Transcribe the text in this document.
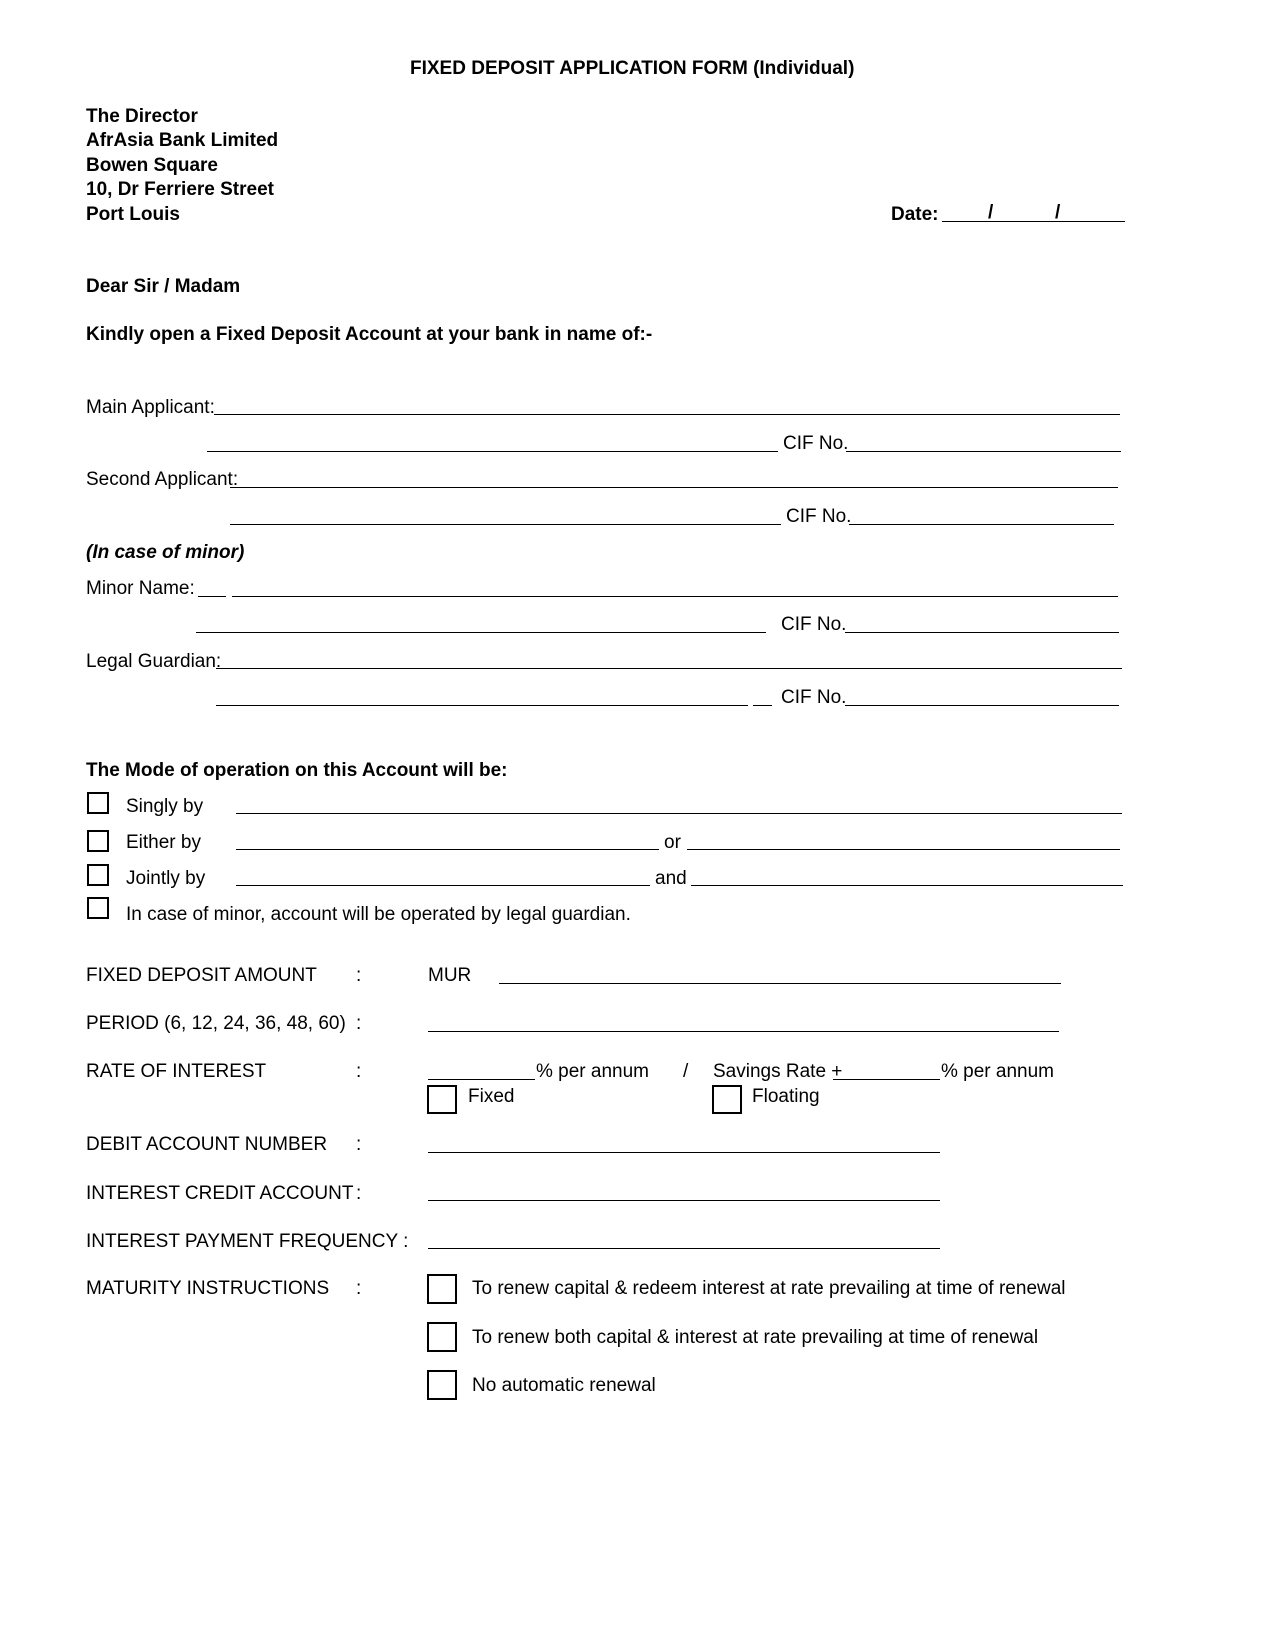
FIXED DEPOSIT APPLICATION FORM (Individual)
The Director
AfrAsia Bank Limited
Bowen Square
10, Dr Ferriere Street
Port Louis	Date:	/	/
Dear Sir / Madam
Kindly open a Fixed Deposit Account at your bank in name of:-
Main Applicant:
CIF No.
Second Applicant:
CIF No.
(In case of minor)
Minor Name:
CIF No.
Legal Guardian:
CIF No.
The Mode of operation on this Account will be:
Singly by
Either by	or
Jointly by	and
In case of minor, account will be operated by legal guardian.
FIXED DEPOSIT AMOUNT :	MUR
PERIOD (6, 12, 24, 36, 48, 60) :
RATE OF INTEREST	:	% per annum / Savings Rate +	% per annum
Fixed	Floating
DEBIT ACCOUNT NUMBER :
INTEREST CREDIT ACCOUNT :
INTEREST PAYMENT FREQUENCY :
MATURITY INSTRUCTIONS :	To renew capital & redeem interest at rate prevailing at time of renewal
To renew both capital & interest at rate prevailing at time of renewal
No automatic renewal
